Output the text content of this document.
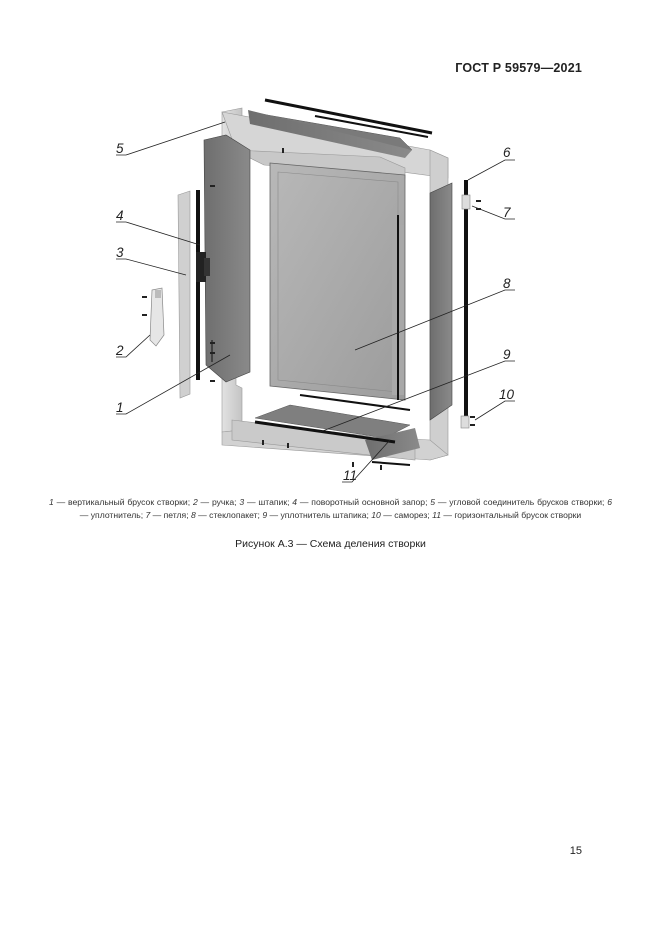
ГОСТ Р 59579—2021
5
4
3
2
1
6
7
8
9
10
11
1 — вертикальный брусок створки; 2 — ручка; 3 — штапик; 4 — поворотный основной запор; 5 — угловой соединитель брусков створки; 6 — уплотнитель; 7 — петля; 8 — стеклопакет; 9 — уплотнитель штапика; 10 — саморез; 11 — горизонтальный брусок створки
Рисунок А.3 — Схема деления створки
15
